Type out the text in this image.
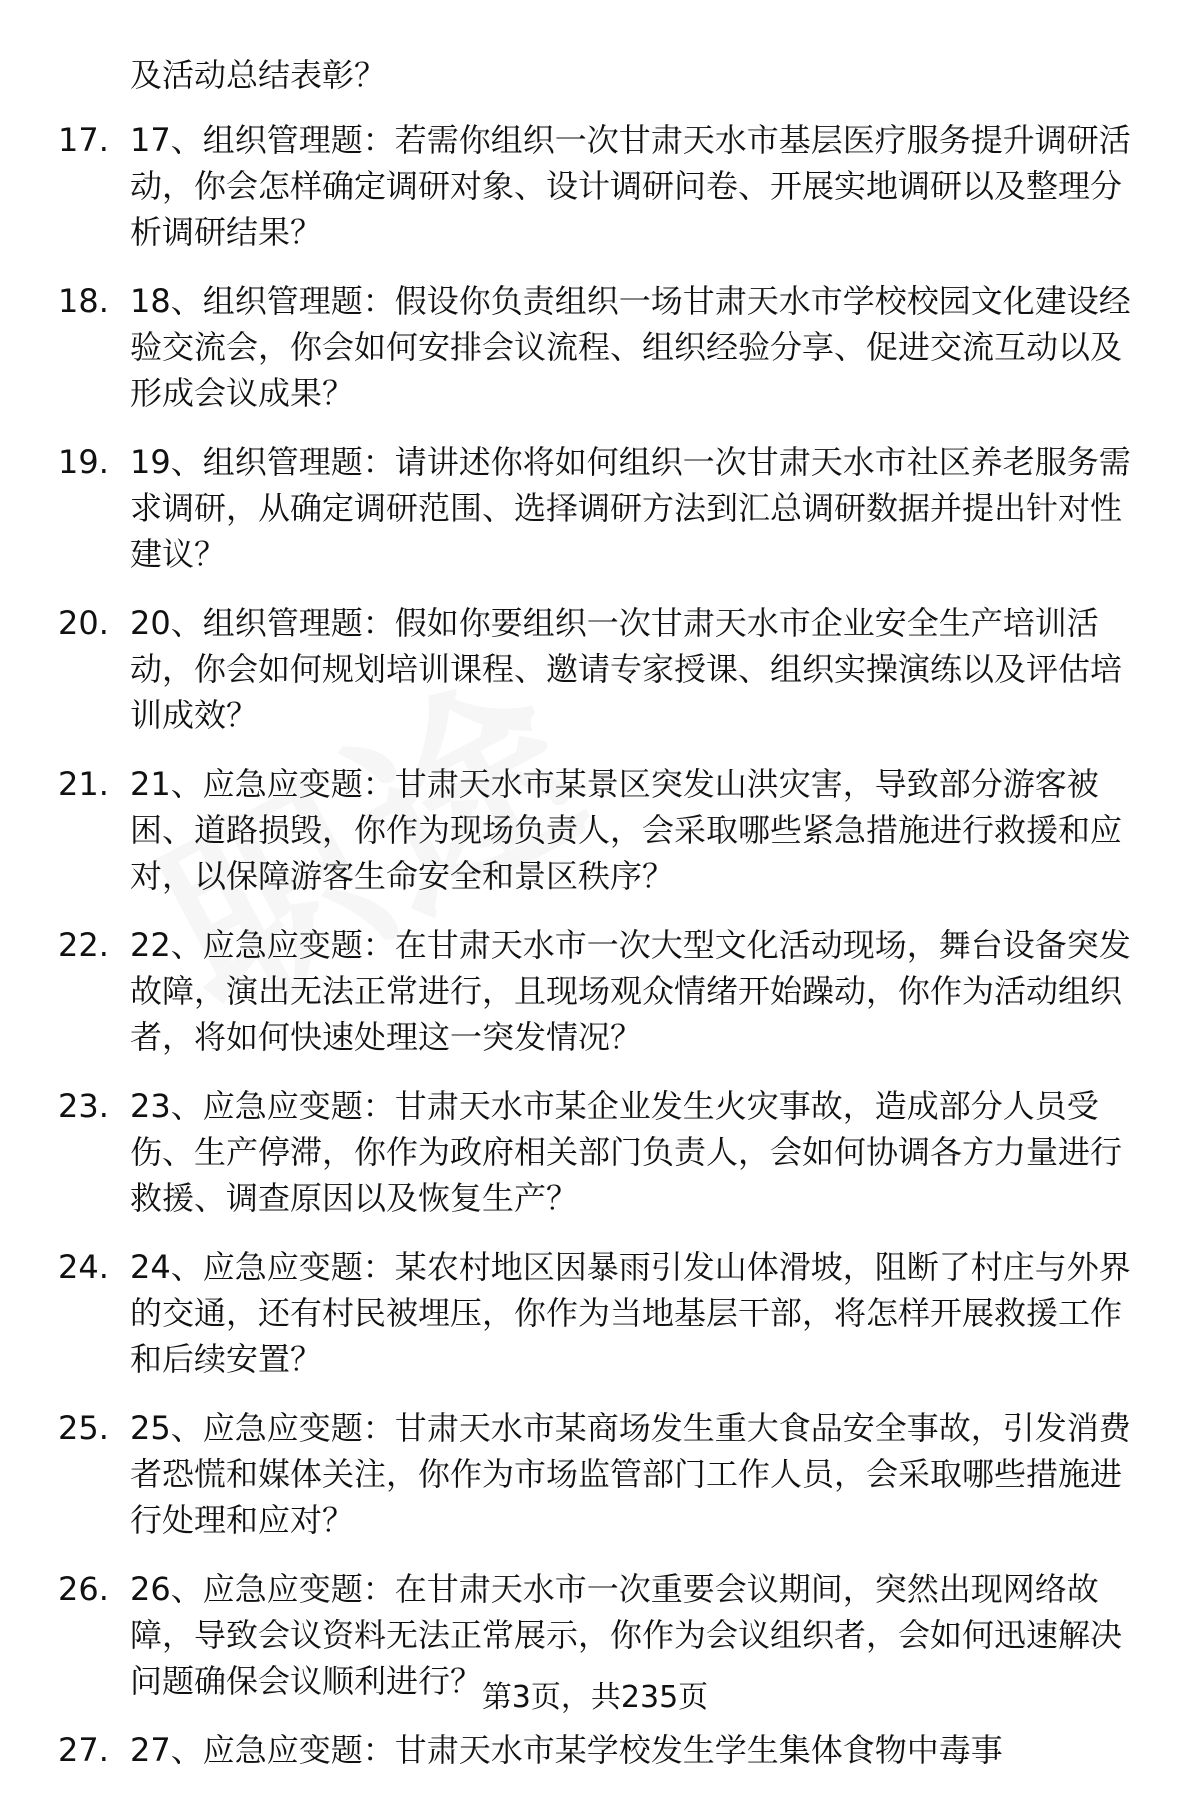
及活动总结表彰？
17. 17、组织管理题：若需你组织一次甘肃天水市基层医疗服务提升调研活动，你会怎样确定调研对象、设计调研问卷、开展实地调研以及整理分析调研结果？
18. 18、组织管理题：假设你负责组织一场甘肃天水市学校校园文化建设经验交流会，你会如何安排会议流程、组织经验分享、促进交流互动以及形成会议成果？
19. 19、组织管理题：请讲述你将如何组织一次甘肃天水市社区养老服务需求调研，从确定调研范围、选择调研方法到汇总调研数据并提出针对性建议？
20. 20、组织管理题：假如你要组织一次甘肃天水市企业安全生产培训活动，你会如何规划培训课程、邀请专家授课、组织实操演练以及评估培训成效？
21. 21、应急应变题：甘肃天水市某景区突发山洪灾害，导致部分游客被困、道路损毁，你作为现场负责人，会采取哪些紧急措施进行救援和应对，以保障游客生命安全和景区秩序？
22. 22、应急应变题：在甘肃天水市一次大型文化活动现场，舞台设备突发故障，演出无法正常进行，且现场观众情绪开始躁动，你作为活动组织者，将如何快速处理这一突发情况？
23. 23、应急应变题：甘肃天水市某企业发生火灾事故，造成部分人员受伤、生产停滞，你作为政府相关部门负责人，会如何协调各方力量进行救援、调查原因以及恢复生产？
24. 24、应急应变题：某农村地区因暴雨引发山体滑坡，阻断了村庄与外界的交通，还有村民被埋压，你作为当地基层干部，将怎样开展救援工作和后续安置？
25. 25、应急应变题：甘肃天水市某商场发生重大食品安全事故，引发消费者恐慌和媒体关注，你作为市场监管部门工作人员，会采取哪些措施进行处理和应对？
26. 26、应急应变题：在甘肃天水市一次重要会议期间，突然出现网络故障，导致会议资料无法正常展示，你作为会议组织者，会如何迅速解决问题确保会议顺利进行？
27. 27、应急应变题：甘肃天水市某学校发生学生集体食物中毒事
第3页，共235页
